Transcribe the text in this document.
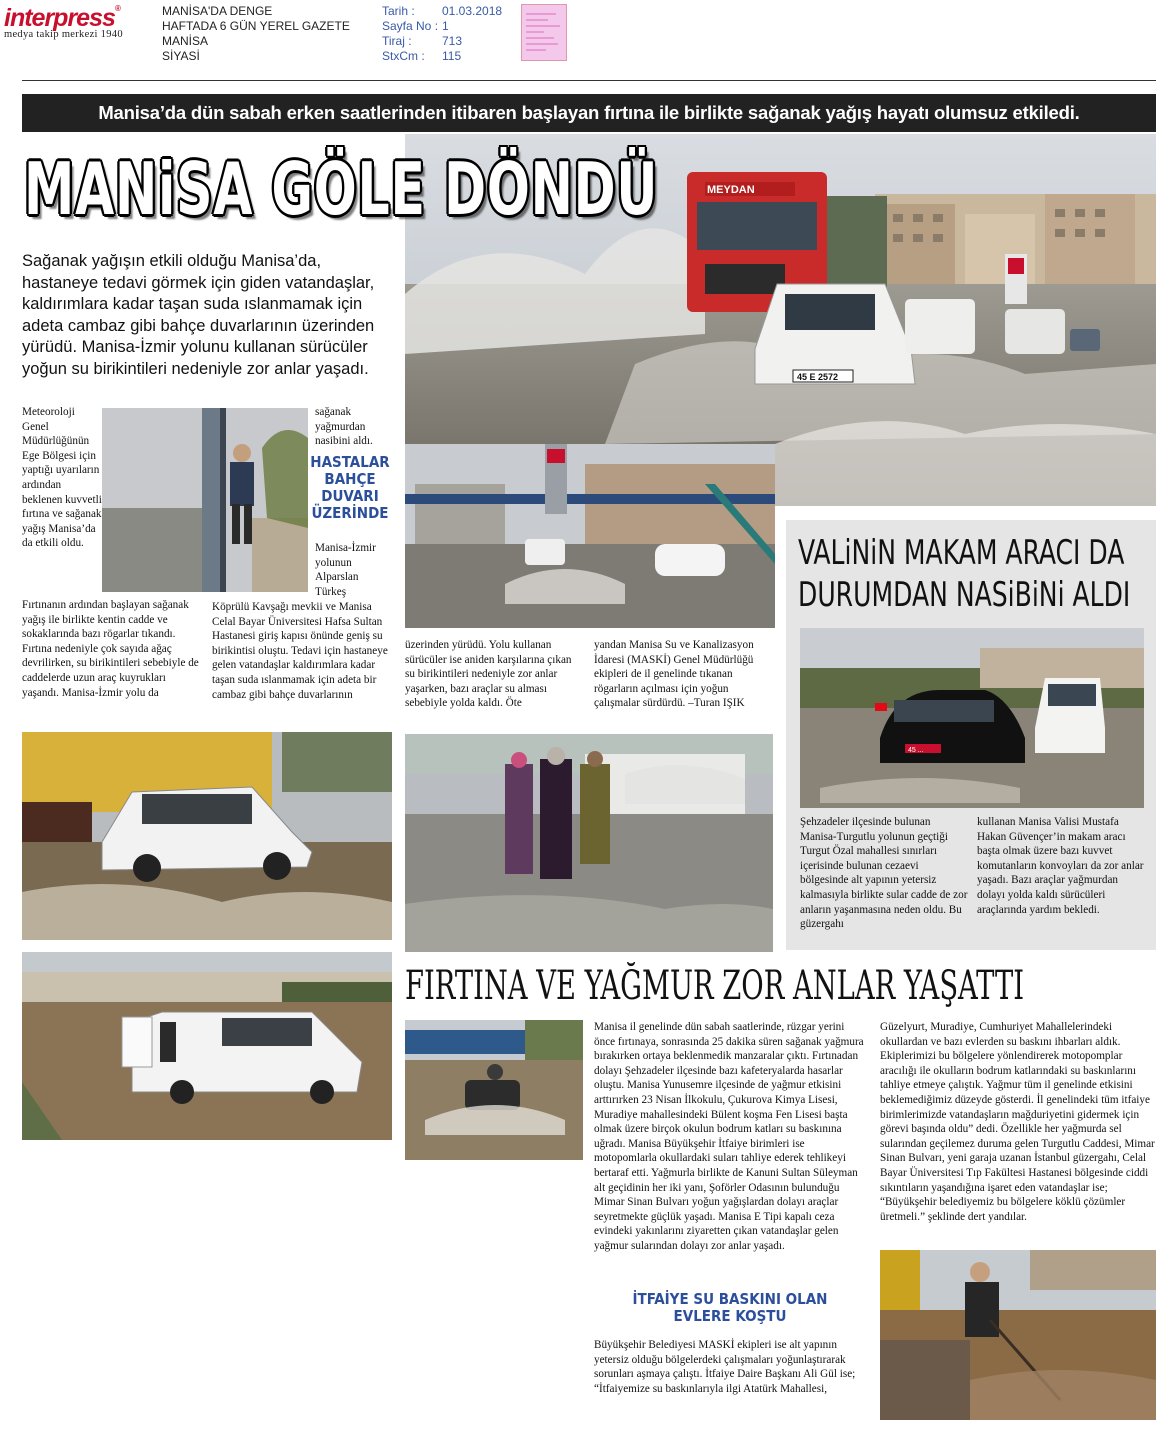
interpress®
medya takip merkezi 1940
MANİSA'DA DENGE
HAFTADA 6 GÜN YEREL GAZETE
MANİSA
SİYASİ
Tarih :
Sayfa No :
Tiraj :
StxCm :
01.03.2018
1
713
115
Manisa’da dün sabah erken saatlerinden itibaren başlayan fırtına ile birlikte sağanak yağış hayatı olumsuz etkiledi.
MEYDAN
45 E 2572
MANiSA GÖLE DÖNDÜ
Sağanak yağışın etkili olduğu Manisa’da, hastaneye tedavi görmek için giden vatandaşlar, kaldırımlara kadar taşan suda ıslanmamak için adeta cambaz gibi bahçe duvarlarının üzerinden yürüdü. Manisa-İzmir yolunu kullanan sürücüler yoğun su birikintileri nedeniyle zor anlar yaşadı.
Meteoroloji Genel Müdürlüğünün Ege Bölgesi için yaptığı uyarıların ardından beklenen kuvvetli fırtına ve sağanak yağış Manisa’da da etkili oldu.
Fırtınanın ardından başlayan sağanak yağış ile birlikte kentin cadde ve sokaklarında bazı rögarlar tıkandı. Fırtına nedeniyle çok sayıda ağaç devrilirken, su birikintileri sebebiyle de caddelerde uzun araç kuyrukları yaşandı. Manisa-İzmir yolu da
sağanak yağmurdan nasibini aldı.
HASTALAR BAHÇE DUVARI ÜZERİNDE
Manisa-İzmir yolunun Alparslan Türkeş
Köprülü Kavşağı mevkii ve Manisa Celal Bayar Üniversitesi Hafsa Sultan Hastanesi giriş kapısı önünde geniş su birikintisi oluştu. Tedavi için hastaneye gelen vatandaşlar kaldırımlara kadar taşan suda ıslanmamak için adeta bir cambaz gibi bahçe duvarlarının
üzerinden yürüdü. Yolu kullanan sürücüler ise aniden karşılarına çıkan su birikintileri nedeniyle zor anlar yaşarken, bazı araçlar su alması sebebiyle yolda kaldı. Öte
yandan Manisa Su ve Kanalizasyon İdaresi (MASKİ) Genel Müdürlüğü ekipleri de il genelinde tıkanan rögarların açılması için yoğun çalışmalar sürdürdü. –Turan IŞIK
VALiNiN MAKAM ARACI DA
DURUMDAN NASiBiNi ALDI
45 ...
Şehzadeler ilçesinde bulunan Manisa-Turgutlu yolunun geçtiği Turgut Özal mahallesi sınırları içerisinde bulunan cezaevi bölgesinde alt yapının yetersiz kalmasıyla birlikte sular cadde de zor anların yaşanmasına neden oldu. Bu güzergahı
kullanan Manisa Valisi Mustafa Hakan Güvençer’in makam aracı başta olmak üzere bazı kuvvet komutanların konvoyları da zor anlar yaşadı. Bazı araçlar yağmurdan dolayı yolda kaldı sürücüleri araçlarında yardım bekledi.
FIRTINA VE YAĞMUR ZOR ANLAR YAŞATTI
Manisa il genelinde dün sabah saatlerinde, rüzgar yerini önce fırtınaya, sonrasında 25 dakika süren sağanak yağmura bırakırken ortaya beklenmedik manzaralar çıktı. Fırtınadan dolayı Şehzadeler ilçesinde bazı kafeteryalarda hasarlar oluştu. Manisa Yunusemre ilçesinde de yağmur etkisini arttırırken 23 Nisan İlkokulu, Çukurova Kimya Lisesi, Muradiye mahallesindeki Bülent koşma Fen Lisesi başta olmak üzere birçok okulun bodrum katları su baskınına uğradı. Manisa Büyükşehir İtfaiye birimleri ise motopomlarla okullardaki suları tahliye ederek tehlikeyi bertaraf etti. Yağmurla birlikte de Kanuni Sultan Süleyman alt geçidinin her iki yanı, Şoförler Odasının bulunduğu Mimar Sinan Bulvarı yoğun yağışlardan dolayı araçlar seyretmekte güçlük yaşadı. Manisa E Tipi kapalı ceza evindeki yakınlarını ziyaretten çıkan vatandaşlar gelen yağmur sularından dolayı zor anlar yaşadı.
İTFAİYE SU BASKINI OLAN EVLERE KOŞTU
Büyükşehir Belediyesi MASKİ ekipleri ise alt yapının yetersiz olduğu bölgelerdeki çalışmaları yoğunlaştırarak sorunları aşmaya çalıştı. İtfaiye Daire Başkanı Ali Gül ise; “İtfaiyemize su baskınlarıyla ilgi Atatürk Mahallesi,
Güzelyurt, Muradiye, Cumhuriyet Mahallelerindeki okullardan ve bazı evlerden su baskını ihbarları aldık. Ekiplerimizi bu bölgelere yönlendirerek motopomplar aracılığı ile okulların bodrum katlarındaki su baskınlarını tahliye etmeye çalıştık. Yağmur tüm il genelinde etkisini beklemediğimiz düzeyde gösterdi. İl genelindeki tüm itfaiye birimlerimizde vatandaşların mağduriyetini gidermek için görevi başında oldu” dedi. Özellikle her yağmurda sel sularından geçilemez duruma gelen Turgutlu Caddesi, Mimar Sinan Bulvarı, yeni garaja uzanan İstanbul güzergahı, Celal Bayar Üniversitesi Tıp Fakültesi Hastanesi bölgesinde ciddi sıkıntıların yaşandığına işaret eden vatandaşlar ise; “Büyükşehir belediyemiz bu bölgelere köklü çözümler üretmeli.” şeklinde dert yandılar.
